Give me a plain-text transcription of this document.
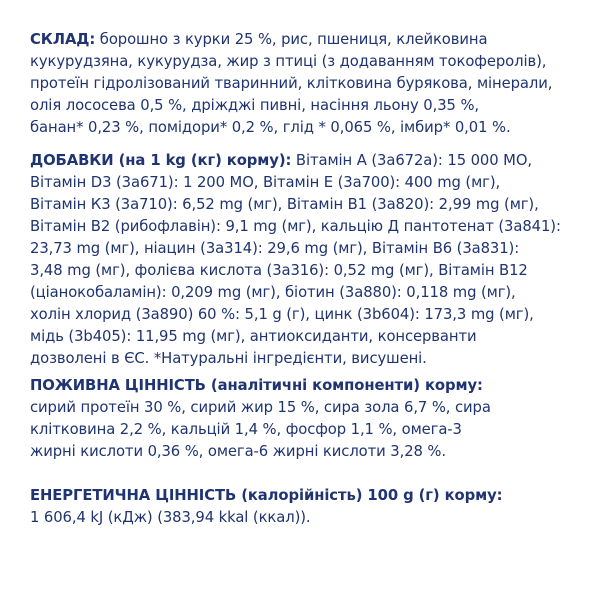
СКЛАД: борошно з курки 25 %, рис, пшениця, клейковина

кукурудзяна, кукурудза, жир з птиці (з додаванням токоферолів),

протеїн гідролізований тваринний, клітковина бурякова, мінерали,

олія лососева 0,5 %, дріжджі пивні, насіння льону 0,35 %,

банан* 0,23 %, помідори* 0,2 %, глід * 0,065 %, імбир* 0,01 %.

ДОБАВКИ (на 1 kg (кг) корму): Вітамін А (3а672а): 15 000 МО,

Вітамін D3 (3а671): 1 200 МО, Вітамін Е (3а700): 400 mg (мг),

Вітамін К3 (3а710): 6,52 mg (мг), Вітамін В1 (3а820): 2,99 mg (мг),

Вітамін В2 (рибофлавін): 9,1 mg (мг), кальцію Д пантотенат (3а841):

23,73 mg (мг), ніацин (3а314): 29,6 mg (мг), Вітамін В6 (3а831):

3,48 mg (мг), фолієва кислота (3а316): 0,52 mg (мг), Вітамін В12

(ціанокобаламін): 0,209 mg (мг), біотин (3а880): 0,118 mg (мг),

холін хлорид (3а890) 60 %: 5,1 g (г), цинк (3b604): 173,3 mg (мг),

мідь (3b405): 11,95 mg (мг), антиоксиданти, консерванти

дозволені в ЄС. *Натуральні інгредієнти, висушені.

ПОЖИВНА ЦІННІСТЬ (аналітичні компоненти) корму:

сирий протеїн 30 %, сирий жир 15 %, сира зола 6,7 %, сира

клітковина 2,2 %, кальцій 1,4 %, фосфор 1,1 %, омега-3

жирні кислоти 0,36 %, омега-6 жирні кислоти 3,28 %.

ЕНЕРГЕТИЧНА ЦІННІСТЬ (калорійність) 100 g (г) корму:

1 606,4 kJ (кДж) (383,94 kkal (ккал)).
